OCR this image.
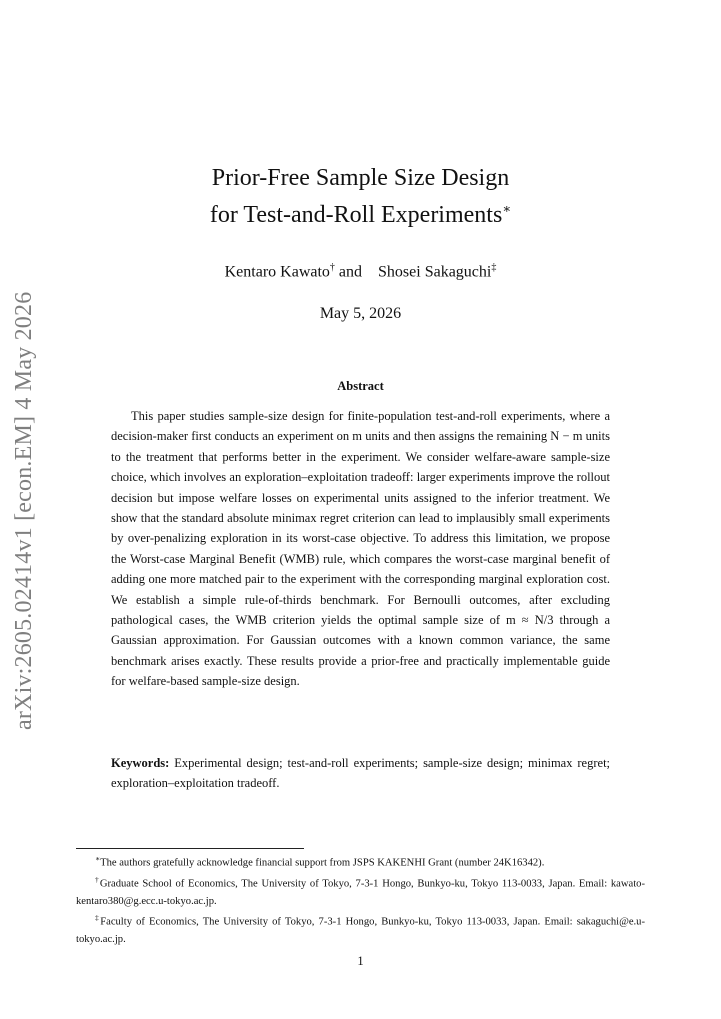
arXiv:2605.02414v1 [econ.EM] 4 May 2026
Prior-Free Sample Size Design
for Test-and-Roll Experiments∗
Kentaro Kawato† and Shosei Sakaguchi‡
May 5, 2026
Abstract

This paper studies sample-size design for finite-population test-and-roll experiments, where a decision-maker first conducts an experiment on m units and then assigns the remaining N − m units to the treatment that performs better in the experiment. We consider welfare-aware sample-size choice, which involves an exploration–exploitation tradeoff: larger experiments improve the rollout decision but impose welfare losses on experimental units assigned to the inferior treatment. We show that the standard absolute minimax regret criterion can lead to implausibly small experiments by over-penalizing exploration in its worst-case objective. To address this limitation, we propose the Worst-case Marginal Benefit (WMB) rule, which compares the worst-case marginal benefit of adding one more matched pair to the experiment with the corresponding marginal exploration cost. We establish a simple rule-of-thirds benchmark. For Bernoulli outcomes, after excluding pathological cases, the WMB criterion yields the optimal sample size of m ≈ N/3 through a Gaussian approximation. For Gaussian outcomes with a known common variance, the same benchmark arises exactly. These results provide a prior-free and practically implementable guide for welfare-based sample-size design.

Keywords: Experimental design; test-and-roll experiments; sample-size design; minimax regret; exploration–exploitation tradeoff.

∗The authors gratefully acknowledge financial support from JSPS KAKENHI Grant (number 24K16342).

†Graduate School of Economics, The University of Tokyo, 7-3-1 Hongo, Bunkyo-ku, Tokyo 113-0033, Japan. Email: kawato-kentaro380@g.ecc.u-tokyo.ac.jp.

‡Faculty of Economics, The University of Tokyo, 7-3-1 Hongo, Bunkyo-ku, Tokyo 113-0033, Japan. Email: sakaguchi@e.u-tokyo.ac.jp.

1
